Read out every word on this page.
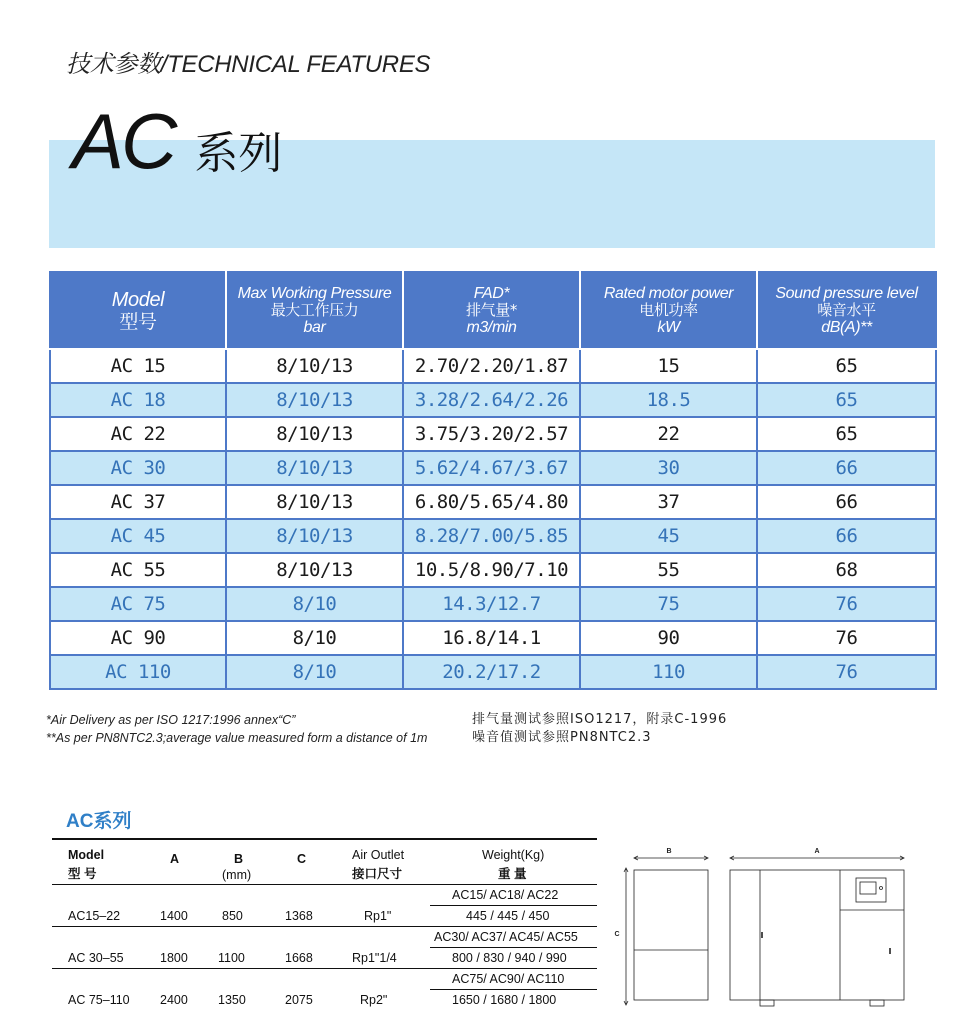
技术参数/TECHNICAL FEATURES
AC 系列
Model
型号	Max Working Pressure
最大工作压力
bar	FAD*
排气量*
m3/min	Rated motor power
电机功率
kW	Sound pressure level
噪音水平
dB(A)**

AC 15	8/10/13	2.70/2.20/1.87	15	65
AC 18	8/10/13	3.28/2.64/2.26	18.5	65
AC 22	8/10/13	3.75/3.20/2.57	22	65
AC 30	8/10/13	5.62/4.67/3.67	30	66
AC 37	8/10/13	6.80/5.65/4.80	37	66
AC 45	8/10/13	8.28/7.00/5.85	45	66
AC 55	8/10/13	10.5/8.90/7.10	55	68
AC 75	8/10	14.3/12.7	75	76
AC 90	8/10	16.8/14.1	90	76
AC 110	8/10	20.2/17.2	110	76
*Air Delivery as per ISO 1217:1996 annex“C”
**As per PN8NTC2.3;average value measured form a distance of 1m
排气量测试参照ISO1217，附录C-1996
噪音值测试参照PN8NTC2.3
AC系列
Model
型 号
A	B
(mm)
C	Air Outlet
接口尺寸
Weight(Kg)
重 量
AC15/ AC18/ AC22
AC15–22	1400	850	1368	Rp1"	445 / 445 / 450
AC30/ AC37/ AC45/ AC55
AC 30–55	1800 1100	1668	Rp1"1/4	800 / 830 / 940 / 990
AC75/ AC90/ AC110
AC 75–110 2400 1350	2075	Rp2"	1650 / 1680 / 1800
B	A
C
